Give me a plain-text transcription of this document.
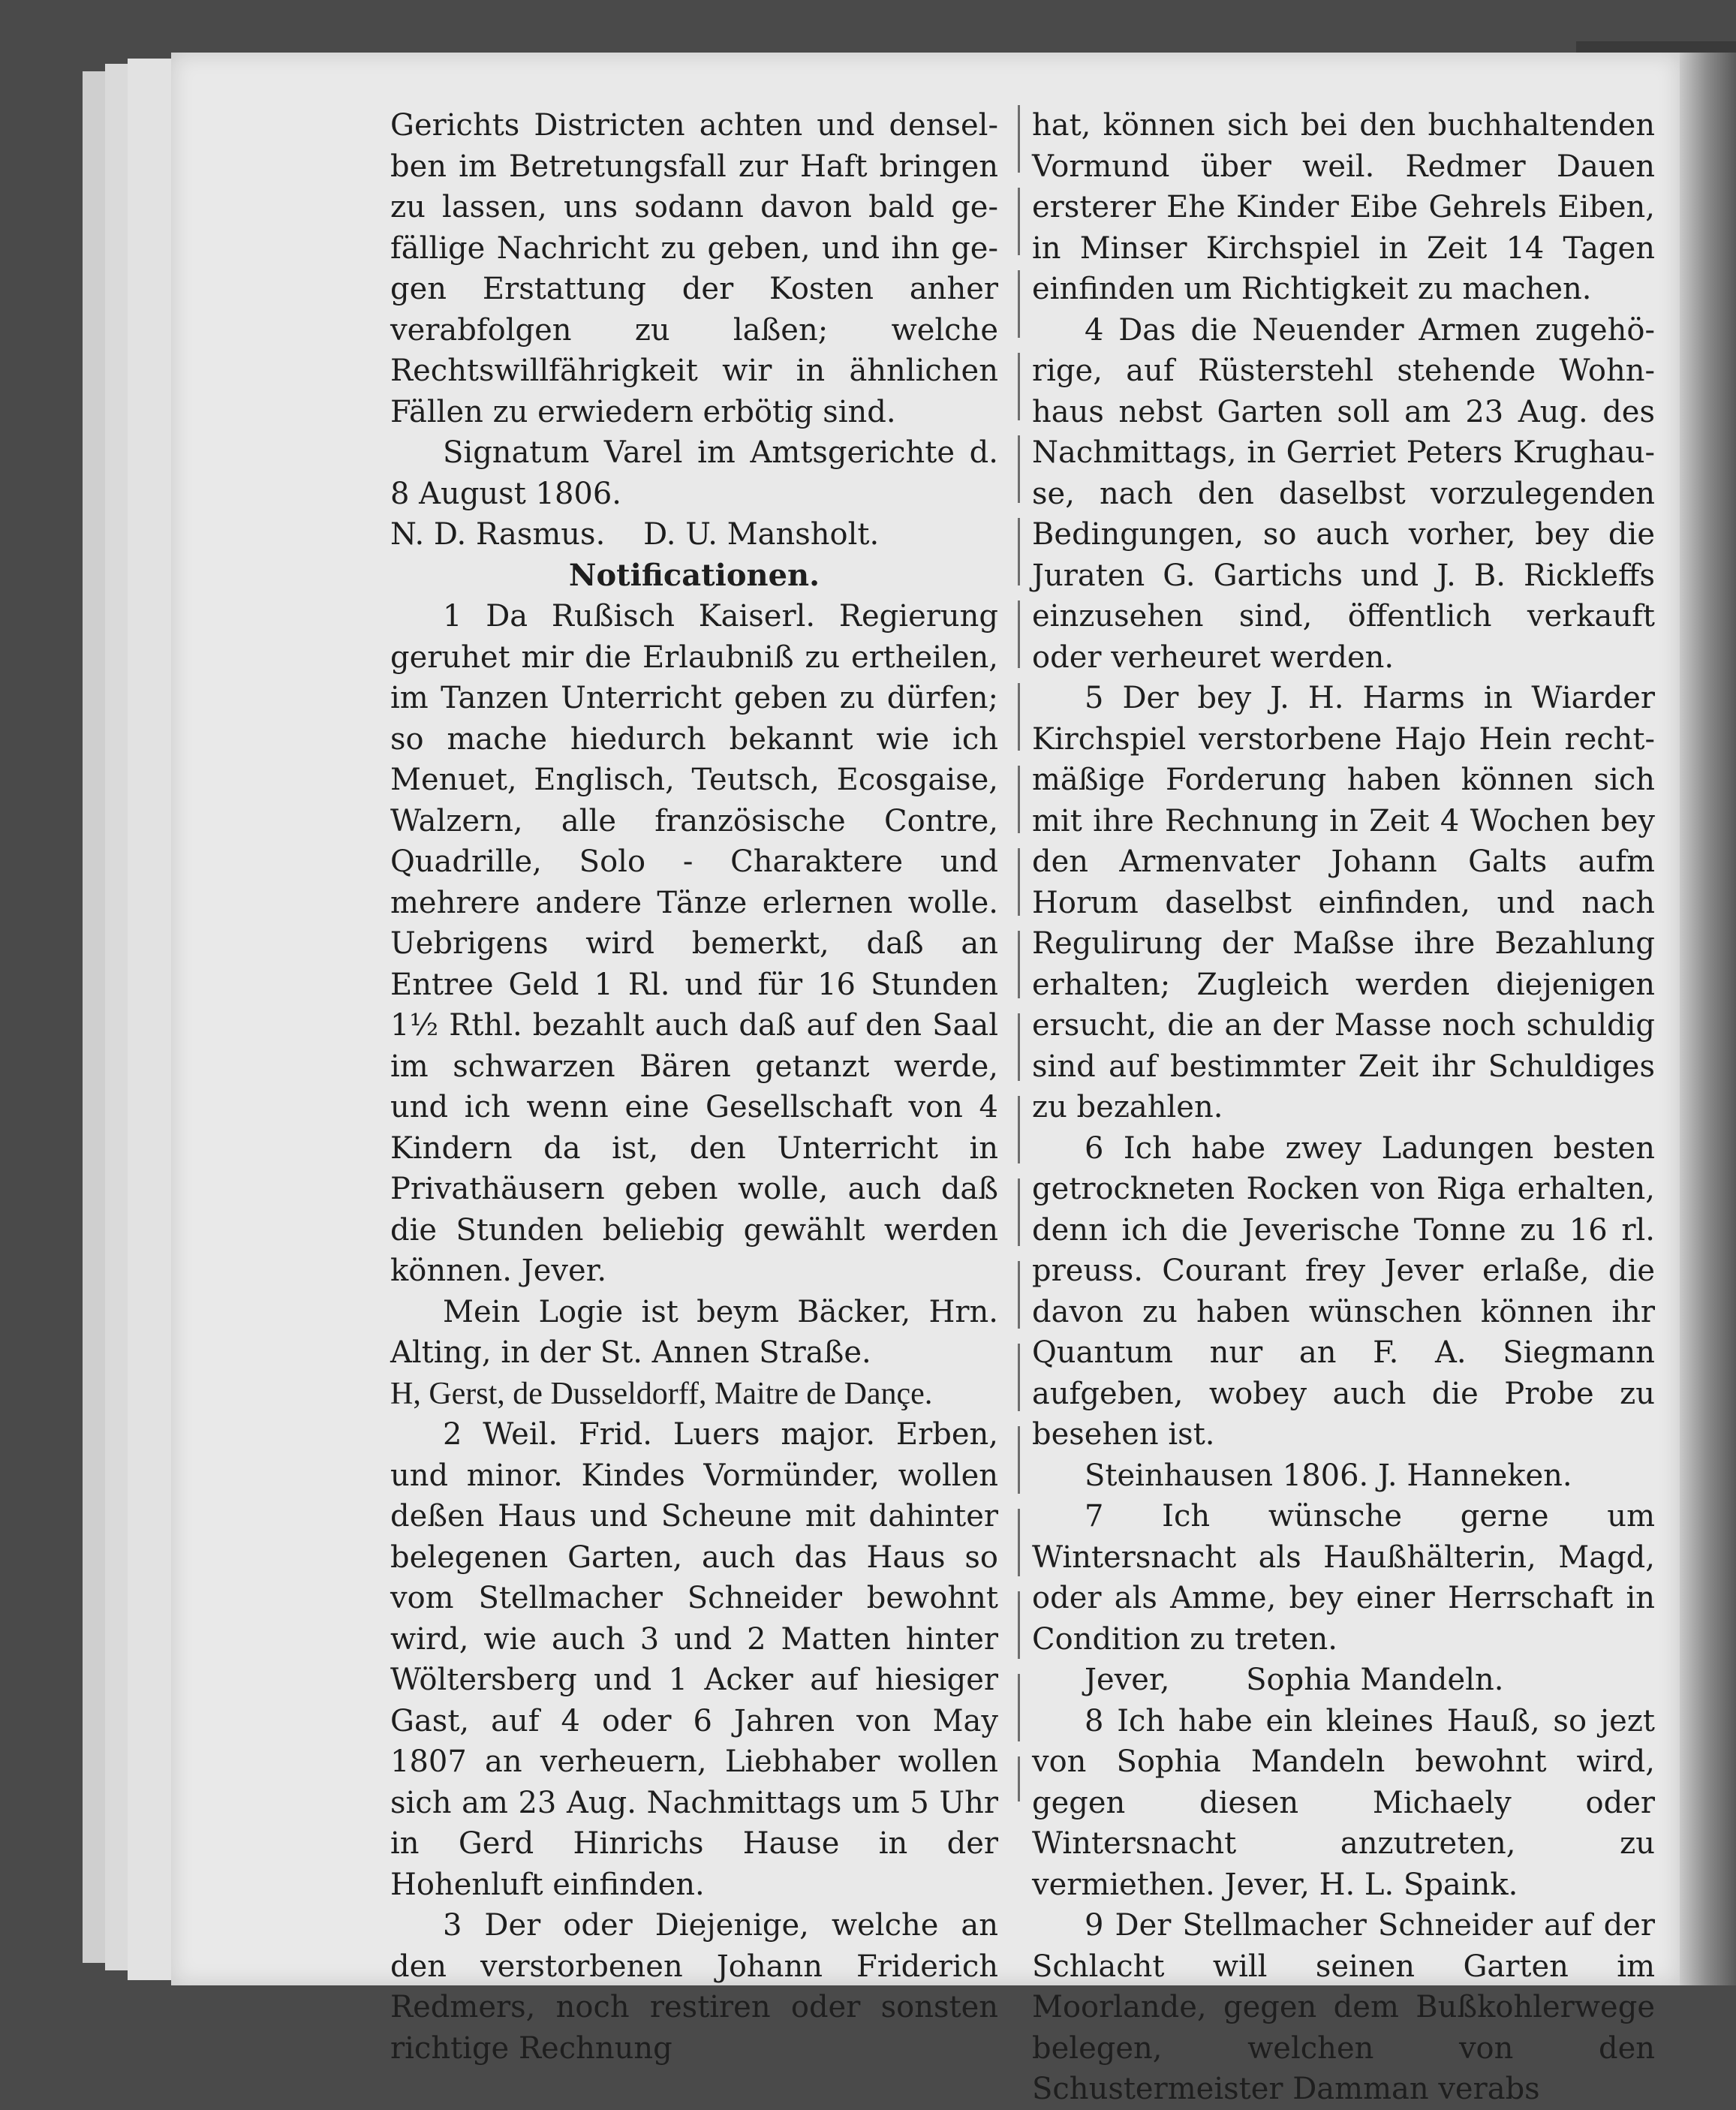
Gerichts Districten achten und denselben im Betretungsfall zur Haft bringen zu lassen, uns sodann davon bald gefällige Nachricht zu geben, und ihn gegen Erstattung der Kosten anher verabfolgen zu laßen; welche Rechtswillfährigkeit wir in ähnlichen Fällen zu erwiedern erbötig sind.

Signatum Varel im Amtsgerichte d. 8 August 1806.

N. D. Rasmus.    D. U. Mansholt.

Notificationen.

1 Da Rußisch Kaiserl. Regierung geruhet mir die Erlaubniß zu ertheilen, im Tanzen Unterricht geben zu dürfen; so mache hiedurch bekannt wie ich Menuet, Englisch, Teutsch, Ecosgaise, Walzern, alle französische Contre, Quadrille, Solo - Charaktere und mehrere andere Tänze erlernen wolle. Uebrigens wird bemerkt, daß an Entree Geld 1 Rl. und für 16 Stunden 1½ Rthl. bezahlt auch daß auf den Saal im schwarzen Bären getanzt werde, und ich wenn eine Gesellschaft von 4 Kindern da ist, den Unterricht in Privathäusern geben wolle, auch daß die Stunden beliebig gewählt werden können. Jever.

Mein Logie ist beym Bäcker, Hrn. Alting, in der St. Annen Straße.

H, Gerst, de Dusseldorff, Maitre de Dançe.

2 Weil. Frid. Luers major. Erben, und minor. Kindes Vormünder, wollen deßen Haus und Scheune mit dahinter belegenen Garten, auch das Haus so vom Stellmacher Schneider bewohnt wird, wie auch 3 und 2 Matten hinter Wöltersberg und 1 Acker auf hiesiger Gast, auf 4 oder 6 Jahren von May 1807 an verheuern, Liebhaber wollen sich am 23 Aug. Nachmittags um 5 Uhr in Gerd Hinrichs Hause in der Hohenluft einfinden.

3 Der oder Diejenige, welche an den verstorbenen Johann Friderich Redmers, noch restiren oder sonsten richtige Rechnung

hat, können sich bei den buchhaltenden Vormund über weil. Redmer Dauen ersterer Ehe Kinder Eibe Gehrels Eiben, in Minser Kirchspiel in Zeit 14 Tagen einfinden um Richtigkeit zu machen.

4 Das die Neuender Armen zugehörige, auf Rüsterstehl stehende Wohnhaus nebst Garten soll am 23 Aug. des Nachmittags, in Gerriet Peters Krughause, nach den daselbst vorzulegenden Bedingungen, so auch vorher, bey die Juraten G. Gartichs und J. B. Rickleffs einzusehen sind, öffentlich verkauft oder verheuret werden.

5 Der bey J. H. Harms in Wiarder Kirchspiel verstorbene Hajo Hein rechtmäßige Forderung haben können sich mit ihre Rechnung in Zeit 4 Wochen bey den Armenvater Johann Galts aufm Horum daselbst einfinden, und nach Regulirung der Maßse ihre Bezahlung erhalten; Zugleich werden diejenigen ersucht, die an der Masse noch schuldig sind auf bestimmter Zeit ihr Schuldiges zu bezahlen.

6 Ich habe zwey Ladungen besten getrockneten Rocken von Riga erhalten, denn ich die Jeverische Tonne zu 16 rl. preuss. Courant frey Jever erlaße, die davon zu haben wünschen können ihr Quantum nur an F. A. Siegmann aufgeben, wobey auch die Probe zu besehen ist.

Steinhausen 1806. J. Hanneken.

7 Ich wünsche gerne um Wintersnacht als Haußhälterin, Magd, oder als Amme, bey einer Herrschaft in Condition zu treten.

Jever,        Sophia Mandeln.

8 Ich habe ein kleines Hauß, so jezt von Sophia Mandeln bewohnt wird, gegen diesen Michaely oder Wintersnacht anzutreten, zu vermiethen. Jever, H. L. Spaink.

9 Der Stellmacher Schneider auf der Schlacht will seinen Garten im Moorlande, gegen dem Bußkohlerwege belegen, welchen von den Schustermeister Damman verabs
